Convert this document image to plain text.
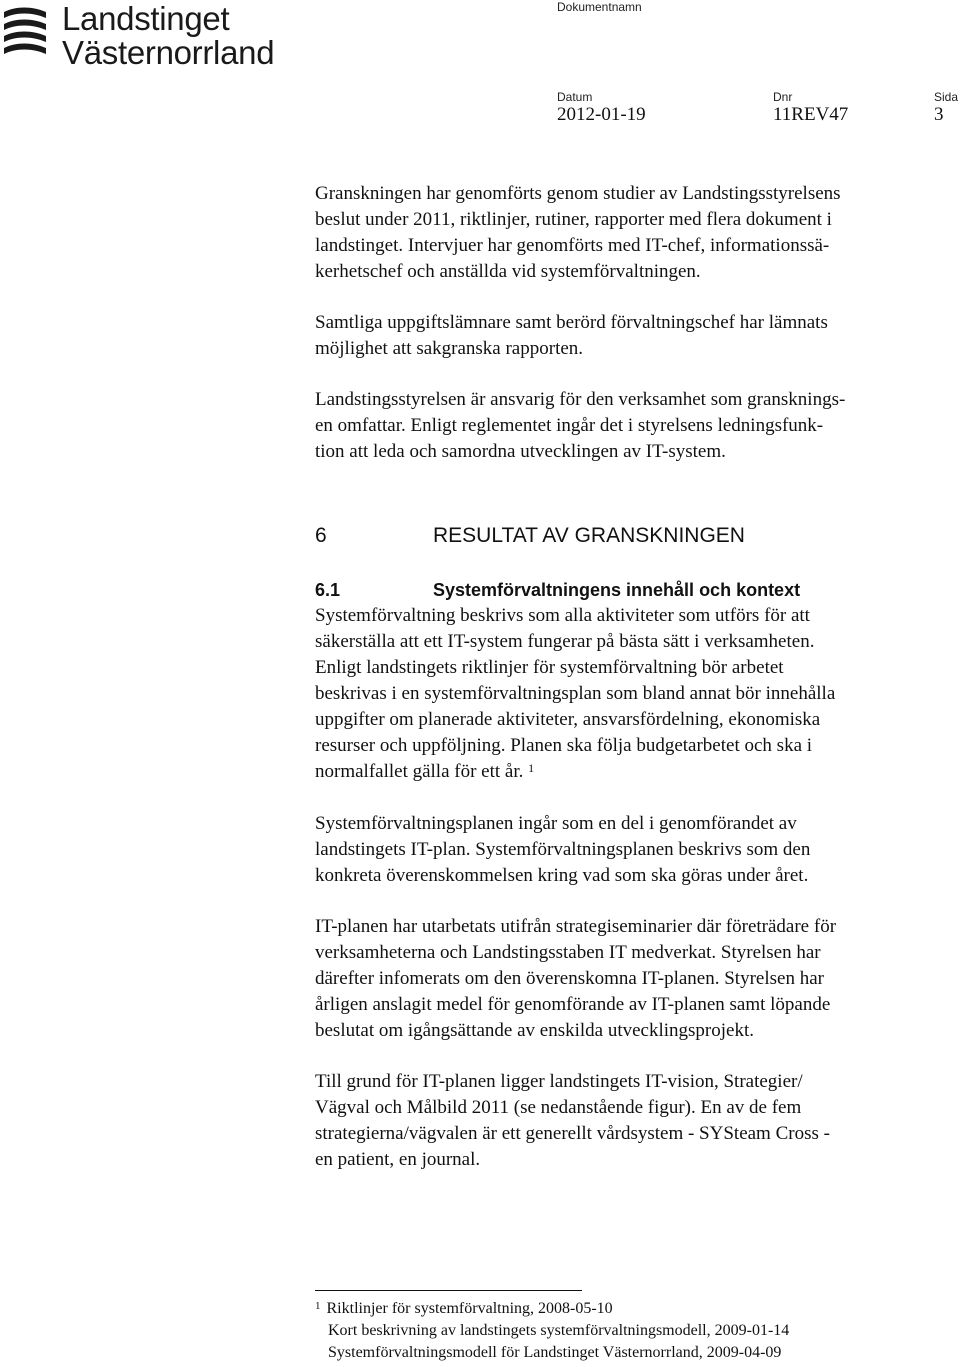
Landstinget
Västernorrland
Dokumentnamn
Datum
2012-01-19
Dnr
11REV47
Sida
3
Granskningen har genomförts genom studier av Landstingsstyrelsens
beslut under 2011, riktlinjer, rutiner, rapporter med flera dokument i
landstinget. Intervjuer har genomförts med IT-chef, informationssä-
kerhetschef och anställda vid systemförvaltningen.
Samtliga uppgiftslämnare samt berörd förvaltningschef har lämnats
möjlighet att sakgranska rapporten.
Landstingsstyrelsen är ansvarig för den verksamhet som gransknings-
en omfattar. Enligt reglementet ingår det i styrelsens ledningsfunk-
tion att leda och samordna utvecklingen av IT-system.
6	RESULTAT AV GRANSKNINGEN
6.1	Systemförvaltningens innehåll och kontext
Systemförvaltning beskrivs som alla aktiviteter som utförs för att
säkerställa att ett IT-system fungerar på bästa sätt i verksamheten.
Enligt landstingets riktlinjer för systemförvaltning bör arbetet
beskrivas i en systemförvaltningsplan som bland annat bör innehålla
uppgifter om planerade aktiviteter, ansvarsfördelning, ekonomiska
resurser och uppföljning. Planen ska följa budgetarbetet och ska i
normalfallet gälla för ett år. $^1$
Systemförvaltningsplanen ingår som en del i genomförandet av
landstingets IT-plan. Systemförvaltningsplanen beskrivs som den
konkreta överenskommelsen kring vad som ska göras under året.
IT-planen har utarbetats utifrån strategiseminarier där företrädare för
verksamheterna och Landstingsstaben IT medverkat. Styrelsen har
därefter infomerats om den överenskomna IT-planen. Styrelsen har
årligen anslagit medel för genomförande av IT-planen samt löpande
beslutat om igångsättande av enskilda utvecklingsprojekt.
Till grund för IT-planen ligger landstingets IT-vision, Strategier/
Vägval och Målbild 2011 (se nedanstående figur). En av de fem
strategierna/vägvalen är ett generellt vårdsystem - SYSteam Cross -
en patient, en journal.
$^1$ Riktlinjer för systemförvaltning, 2008-05-10
Kort beskrivning av landstingets systemförvaltningsmodell, 2009-01-14
Systemförvaltningsmodell för Landstinget Västernorrland, 2009-04-09
